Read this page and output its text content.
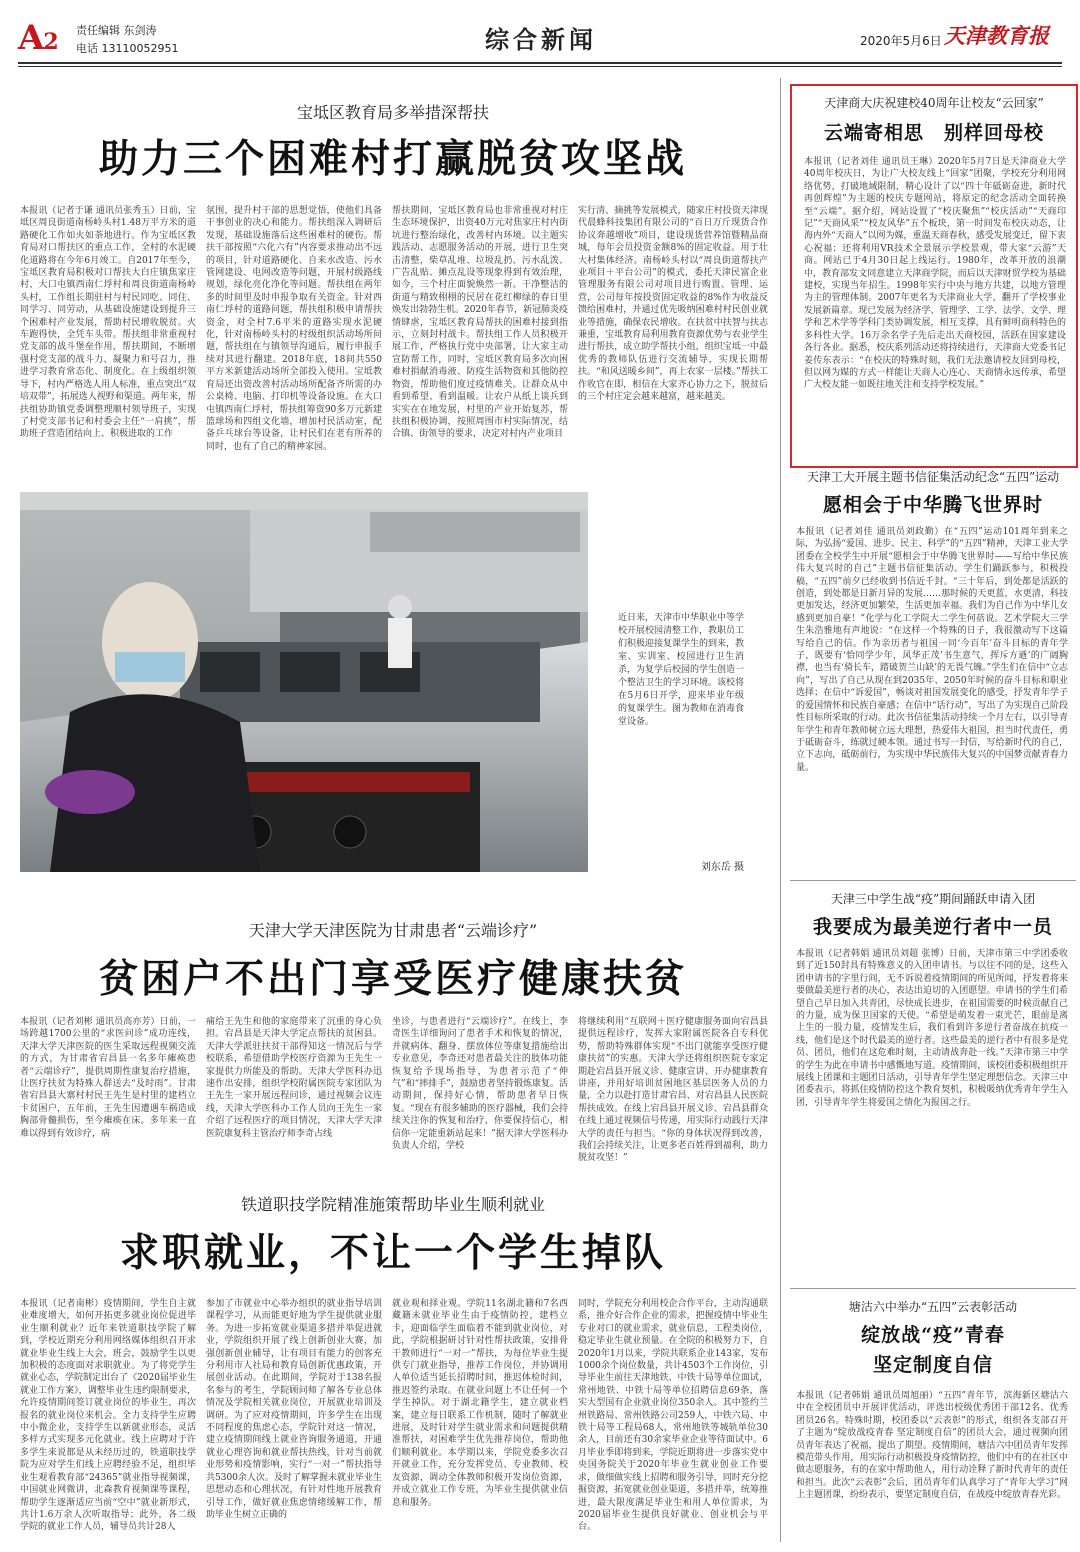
A2 责任编辑 东剑涛
电话 13110052951	综合新闻	2020年5月6日 天津教育报
宝坻区教育局多举措深帮扶
助力三个困难村打赢脱贫攻坚战
本报讯（记者于谦 通讯员张秀玉）日前，宝坻区周良街道南杨岭头村1.48万平方米的道路硬化工作如火如荼地进行。作为宝坻区教育局对口帮扶区的重点工作，全村的水泥硬化道路将在今年6月竣工。自2017年至今，宝坻区教育局积极对口帮扶大白庄镇焦家庄村、大口屯镇西南仁垺村和周良街道南杨岭头村，工作组长期驻村与村民同吃、同住、同学习、同劳动，从基础设施建设到提升三个困难村产业发展，帮助村民增收脱贫。火车跑得快，全凭车头带。帮扶组非常重视村党支部的战斗堡垒作用，帮扶期间，不断增强村党支部的战斗力、凝聚力和号召力，推进学习教育常态化、制度化。在上级组织领导下，村内严格选人用人标准，重点突出“双培双带”，拓展选人视野和渠道。两年来，帮扶组协助镇党委调整理顺村领导班子，实现了村党支部书记和村委会主任“一肩挑”，帮助班子营造团结向上、积极进取的工作
氛围，提升村干部的思想觉悟，使他们具备干事创业的决心和能力。帮扶组深入调研后发现，基础设施落后这些困难村的硬伤。帮扶干部按照“六化六有”内容要求推动出不远的项目，针对道路硬化、自来水改造、污水管网建设、电网改造等问题，开展村级路线规划，绿化亮化净化等问题。帮扶组在两年多的时间里及时申报争取有关资金。针对西南仁垺村的道路问题，帮扶组积极申请帮扶资金，对全村7.6平米的道路实现水泥硬化，针对南杨岭头村的村级组织活动场所问题，帮扶组在与镇领导沟通后，履行申报手续对其进行翻建。2018年底，18间共550平方米新建活动场所全部投入使用。宝坻教育局还出资改善村活动场所配备齐所需的办公桌椅、电脑、打印机等设备设施。在大口屯镇西南仁垺村，帮扶组筹资90多万元新建篮球场和四组文化墙，增加村民活动室，配备乒乓球台等设备，让村民们在老有所养的同时，也有了自己的精神家园。
帮扶期间，宝坻区教育局也非常重视对村庄生态环境保护，出资40万元对焦家庄村内街坑进行整治绿化，改善村内环境。以主题实践活动、志愿服务活动的开展，进行卫生突击清整，柴草乱堆、垃圾乱扔、污水乱泼、广告乱贴、摊点乱设等现象得到有效治理，如今，三个村庄面貌焕然一新。干净整洁的街道与精致栩栩的民居在花红柳绿的春日里焕发出勃勃生机。2020年春节，新冠肺炎疫情肆虐，宝坻区教育局帮扶的困难村接到指示，立刻封村战卡。帮扶组工作人员积极开展工作，严格执行党中央部署，让大家主动宣防帮工作，同时，宝坻区教育局多次向困难村捐献消毒液、防疫生活物资和其他防控物资，帮助他们度过疫情难关。让群众从中看到希望、看到温暖。让农户从纸上谈兵到实实在在地发展，村里的产业开始复苏，帮扶组积极协调，按照周围市村实际情况，结合镇、街领导的要求，决定对村内产业项目
实行清、摘挑等发展模式，随家庄村投资天津现代晨蜂科技集团有限公司的“百日万斤现货合作协议奔越增收”项目，建设现货营养馆暨精品商城，每年会员投资金额8%的固定收益。用于壮大村集体经济。南杨岭头村以“周良街道帮扶产业项目＋平台公司”的模式，委托天津民富企业管理服务有限公司对项目进行购置、管理、运营，公司每年按投资固定收益的8%作为收益反馈给困难村，并通过优先吸纳困难村村民创业就业等措施，确保农民增收。在扶贫中扶智与扶志兼重，宝坻教育局利用教育资源优势与农业学生进行帮扶，成立助学帮扶小组，组织宝坻一中最优秀的教师队伍进行交流辅导，实现长期帮扶。“和风送暖乡间”，再上农家一层楼。”帮扶工作收官在即，相信在大家齐心协力之下，脱贫后的三个村庄定会越来越富，越来越美。
近日来，天津市中华职业中等学校开展校园清整工作，教职员工们积极迎接复课学生的到来，教室、实训室、校园进行卫生消杀，为复学后校园的学生创造一个整洁卫生的学习环境。该校将在5月6日开学，迎来毕业年级的复课学生。图为教师在消毒食堂设备。
刘东岳 摄
天津大学天津医院为甘肃患者“云端诊疗”
贫困户不出门享受医疗健康扶贫
本报讯（记者刘彬 通讯员高亦芳）日前，一场跨越1700公里的“求医问诊”成功连线，天津大学天津医院的医生采取远程视频交流的方式，为甘肃省宕昌县一名多年瘫痪患者“云端诊疗”，提供周期性康复治疗措施，让医疗扶贫为特殊人群送去“及时雨”。甘肃省宕昌县大寨村村民王先生是村里的建档立卡贫困户，五年前，王先生因遭遇车祸造成胸部骨髓损伤，至今瘫痪在床。多年来一直难以得到有效诊疗，病
痛给王先生和他的家庭带来了沉重的身心负担。宕昌县是天津大学定点帮扶的贫困县。天津大学派驻扶贫干部得知这一情况后与学校联系，希望借助学校医疗资源为王先生一家提供力所能及的帮助。天津大学医科办迅速作出安排，组织学校附属医院专家团队为王先生一家开展远程问诊，通过视频会议连线，天津大学医科办工作人员向王先生一家介绍了远程医疗的项目情况，天津大学天津医院康复科主管治疗师李奇占线
坐诊，与患者进行“云端诊疗”。在线上，李奇医生详细询问了患者手术和恢复的情况，并就病体、翻身、摆放体位等康复措施给出专业意见，李奇还对患者最关注的肢体功能恢复给予现场指导，为患者示范了“伸气”和“摔排手”，鼓励患者坚持锻炼康复。活动期间，保持好心情，帮助患者早日恢复。“现在有很多辅助的医疗器械，我们会持续关注你的恢复和治疗，你要保持信心，相信你一定能重新站起来！”据天津大学医科办负责人介绍，学校
将继续利用“互联网＋医疗健康服务面向宕昌县提供远程诊疗，发挥大家附属医院各自专科优势，帮助特殊群体实现“不出门就能享受医疗健康扶贫”的实惠。天津大学还将组织医院专家定期赴宕昌县开展义诊、健康宣讲、开办健康教育讲座，并用好培训贫困地区基层医务人员的力量，全力以赴打造甘肃宕昌、对宕昌县人民医院帮扶成效。在线上宕昌县开展义诊、宕昌县群众在线上通过视频信号传递，用实际行动践行天津大学的责任与担当。“你的身体状况得到改善，我们会持续关注，让更多老百姓得到福利，助力脱贫攻坚！”
铁道职技学院精准施策帮助毕业生顺利就业
求职就业，不让一个学生掉队
本报讯（记者南彬）疫情期间，学生自主就业难度增大，如何开拓更多就业岗位促进毕业生顺利就业？近年来铁道职技学院了解到，学校近期充分利用网络媒体组织召开求就业毕业生线上大会，班会，鼓励学生以更加积极的态度面对求职就业。为了将党学生就业心态，学院制定出台了《2020届毕业生就业工作方案》，调整毕业生违约限制要求，允许疫情期间签订就业岗位的毕业生，再次报名的就业岗位来机会。全力支持学生应聘中小微企业，支持学生以新就业形态，灵活多样方式实现多元化就业。线上应聘对于许多学生来说都是从未经历过的，铁道职技学院为应对学生们线上应聘经验不足，组织毕业生观看教育部“24365”就业指导视频课，中国就业网微讲，北森教育视频课等课程，帮助学生逐渐适应当前“空中”就业新形式，共计1.6万余人次听取指导；此外，各二级学院的就业工作人员，辅导员共计28人
参加了市就业中心举办组织的就业指导培训课程学习，从而能更好地为学生提供就业服务。为进一步拓宽就业渠道多措并举促进就业，学院组织开展了线上创新创业大赛，加强创新创业辅导，让有项目有能力的创客充分利用市人社局和教育局创新优惠政策，开展创业活动。在此期间，学院对于138名报名参与的考生，学院顾问师了解各专业总体情况及学院相关就业岗位，开展就业培训及调研。为了应对疫情期间，许多学生在出现不同程度的焦虑心态，学院针对这一情况，建立疫情期间线上就业咨询服务通道，开通就业心理咨询和就业帮扶热线，针对当前就业形势和疫情影响，实行“一对一”帮扶指导共5300余人次。及时了解掌握未就业毕业生思想动态和心理状况，有针对性地开展教育引导工作，做好就业焦虑情绪缓解工作，帮助毕业生树立正确的
就业观和择业观。学院11名湖北籍和7名西藏籍未就业毕业生由于疫情防控，建档立卡，迎面临学生面临着不能到就业岗位，对此，学院根据研讨针对性帮扶政策，安排骨干教师进行“一对一”帮扶，为每位毕业生提供专门就业指导，推荐工作岗位，并协调用人单位适当延长招聘时间，推迟体检时间，推迟签约录取。在就业问题上不让任何一个学生掉队。对于湖北籍学生，建立就业档案，建立每日联系工作机制，随时了解就业进展，及时针对学生就业需求和问题提供精准帮扶，对困难学生优先推荐岗位，帮助他们顺利就业。本学期以来，学院党委多次召开就业工作，充分发挥党员、专业教师、校友资源，调动全体教师积极开发岗位资源，并成立就业工作专班，为毕业生提供就业信息和服务。
同时，学院充分利用校企合作平台，主动沟通联系，推介好合作企业的需求，把握疫情中毕业生专业对口的就业需求，就业信息，工程类岗位，稳定毕业生就业预量。在全院的积极努力下，自2020年1月以来，学院共联系企业143家，发布1000余个岗位数量，共计4503个工作岗位，引导毕业生前往天津地铁、中铁十局等单位面试，常州地铁、中铁十局等单位招聘信息69条，落实大型国有企业就业岗位350余人。其中签约兰州铁路局、常州铁路公司259人，中铁六局、中铁十局等工程局68人，常州地铁等城轨单位30余人，目前还有30余家毕业企业等待面试中。6月毕业季即将到来，学院近期将进一步落实党中央国务院关于2020年毕业生就业创业工作要求，做细做实线上招聘和服务引导，同时充分挖掘资源，拓宽就业创业渠道，多措并举，统筹推进，最大限度满足毕业生和用人单位需求，为2020届毕业生提供良好就业、创业机会与平台。
天津商大庆祝建校40周年让校友“云回家”
云端寄相思　别样回母校
本报讯（记者刘佳 通讯员王琳）2020年5月7日是天津商业大学40周年校庆日，为让广大校友线上“回家”团聚，学校充分利用网络优势，打破地域限制，精心设计了以“四十年砥砺奋进，新时代再创辉煌”为主题的校庆专题网站，将原定的纪念活动全面转换至“云端”。据介绍，网站设置了“校庆聚焦”“校庆活动”“天商印记”“天商风采”“校友风华”五个板块，第一时间发布校庆动态，让海内外“天商人”以网为媒，重温天商春秋，感受发展变迁，留下衷心祝福；还将利用VR技术全景展示学校景观，带大家“云游”天商。网站已于4月30日起上线运行。1980年，改革开放的浪潮中，教育部发文同意建立天津商学院，而后以天津财贸学校为基础建校，实现当年招生。1998年实行中央与地方共建，以地方管理为主的管理体制。2007年更名为天津商业大学，翻开了学校事业发展新篇章。现已发展为经济学、管理学、工学、法学、文学、理学和艺术学等学科门类协调发展，相互支撑，具有鲜明商科特色的多科性大学。16万余名学子先后走出天商校园，活跃在国家建设各行各业。据悉，校庆系列活动还将持续进行，天津商大党委书记姜传东表示：“在校庆的特殊时刻，我们无法邀请校友回到母校，但以网为媒的方式一样能让天商人心连心、天商情永远传承，希望广大校友能一如既往地关注和支持学校发展。”
天津工大开展主题书信征集活动纪念“五四”运动
愿相会于中华腾飞世界时
本报讯（记者刘佳 通讯员刘政勤）在“五四”运动101周年到来之际，为弘扬“爱国、进步、民主、科学”的“五四”精神，天津工业大学团委在全校学生中开展“愿相会于中华腾飞世界时——写给中华民族伟大复兴时的自己”主题书信征集活动。学生们踊跃参与，积极投稿，“五四”前夕已经收到书信近千封。“三十年后，到处都是活跃的创造，到处都是日新月异的发展……那时候的天更蓝，水更清，科技更加发达，经济更加繁荣，生活更加幸福。我们为自己作为中华儿女感到更加自豪！”化学与化工学院大二学生何蓓说。艺术学院大三学生朱浩雅地有声地说：“在这样一个特殊的日子，我很激动写下这篇写给自己的信。作为亲历者与祖国一同‘今百年’奋斗目标的青年学子，既要有‘恰同学少年，风华正茂’书生意气，挥斥方遒’的广阔胸襟，也当有‘骑长车，踏破贺兰山缺’的无畏气魄。”学生们在信中“立志向”，写出了自己从现在到2035年、2050年时候的奋斗目标和职业选择；在信中“诉爱国”，畅谈对祖国发展变化的感受，抒发青年学子的爱国情怀和民族自豪感；在信中“话行动”，写出了为实现自己阶段性目标所采取的行动。此次书信征集活动持续一个月左右，以引导青年学生和青年教师树立远大理想，热爱伟大祖国，担当时代责任，勇于砥砺奋斗，练就过硬本领。通过书写一封信，写给新时代的自己，立下志向，砥砺前行，为实现中华民族伟大复兴的中国梦贡献青春力量。
天津三中学生战“疫”期间踊跃申请入团
我要成为最美逆行者中一员
本报讯（记者韩娟 通讯员刘超 张博）日前，天津市第三中学团委收到了近150封具有特殊意义的入团申请书。与以往不同的是，这些入团申请书的字里行间，无不诉说着疫情期间的所见所闻，抒发着将来要做最美逆行者的决心，表达出迫切的入团愿望。申请书的学生们希望自己早日加入共青团，尽快成长进步，在祖国需要的时候贡献自己的力量，成为保卫国家的天使。“希望是萌发着一束光芒，眼前是离上生的一股力量，疫情发生后，我们看到许多逆行者奋战在抗疫一线，他们是这个时代最美的逆行者。这些最美的逆行者中有很多是党员、团员，他们在这危难时刻，主动请战奔赴一线。”天津市第三中学的学生为此在申请书中感慨地写道。疫情期间，该校团委积极组织开展线上团课和主题团日活动，引导青年学生坚定理想信念。天津三中团委表示，将抓住疫情防控这个教育契机，积极吸纳优秀青年学生入团，引导青年学生将爱国之情化为报国之行。
塘沽六中举办“五四”云表彰活动
绽放战“疫”青春
坚定制度自信
本报讯（记者韩娟 通讯员周旭丽）“五四”青年节，滨海新区塘沽六中在全校团员中开展评优活动，评选出校级优秀团干部12名、优秀团员26名。特殊时期，校团委以“云表彰”的形式，组织各支部召开了主题为“绽放战疫青春 坚定制度自信”的团员大会，通过视频向团员青年表达了祝福，提出了期望。疫情期间，塘沽六中团员青年发挥模范带头作用，用实际行动积极投身疫情防控，他们中有的在社区中做志愿服务，有的在家中帮助他人，用行动诠释了新时代青年的责任和担当。此次“云表彰”会后，团员青年们认真学习了“青年大学习”网上主题团课，纷纷表示，要坚定制度自信，在战疫中绽放青春光彩。
